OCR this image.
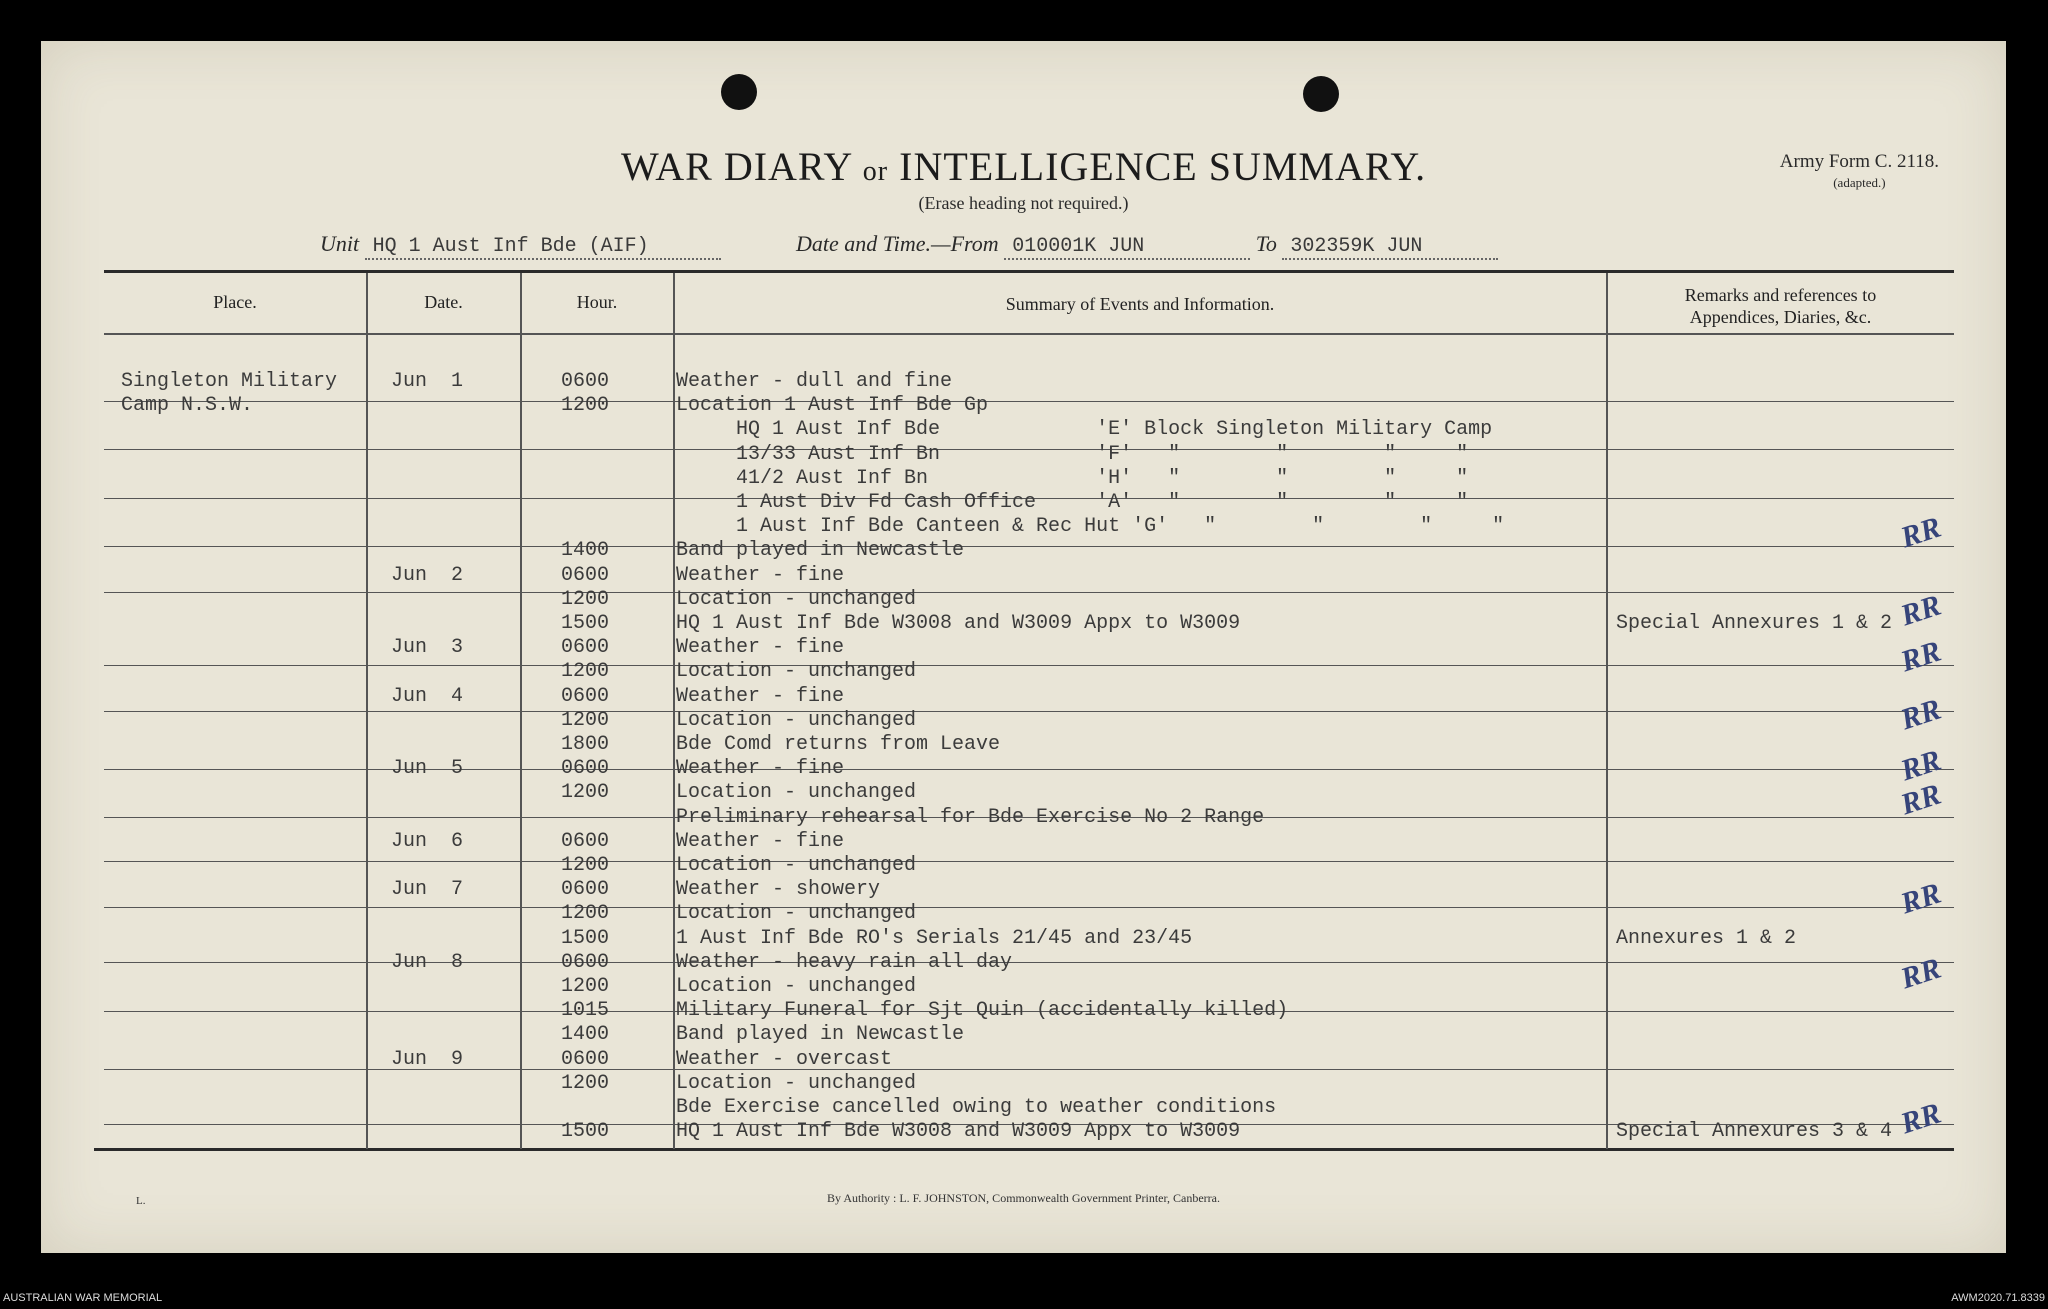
WAR DIARY or INTELLIGENCE SUMMARY.
(Erase heading not required.)
Army Form C. 2118.
(adapted.)
Unit HQ 1 Aust Inf Bde (AIF)	Date and Time.—From 010001K JUN	To 302359K JUN
Place.	Date.	Hour.	Summary of Events and Information.	Remarks and references to
Appendices, Diaries, &c.
Singleton Military	Jun  1	0600	Weather - dull and fine
Camp N.S.W.	1200	Location 1 Aust Inf Bde Gp
HQ 1 Aust Inf Bde             'E' Block Singleton Military Camp
13/33 Aust Inf Bn             'F'   "        "        "     "
41/2 Aust Inf Bn              'H'   "        "        "     "
1 Aust Div Fd Cash Office     'A'   "        "        "     "
1 Aust Inf Bde Canteen & Rec Hut 'G'   "        "        "     "
1400	Band played in Newcastle
Jun  2	0600	Weather - fine
1200	Location - unchanged
1500	HQ 1 Aust Inf Bde W3008 and W3009 Appx to W3009	Special Annexures 1 & 2
Jun  3	0600	Weather - fine
1200	Location - unchanged
Jun  4	0600	Weather - fine
1200	Location - unchanged
1800	Bde Comd returns from Leave
Jun  5	0600	Weather - fine
1200	Location - unchanged
Preliminary rehearsal for Bde Exercise No 2 Range
Jun  6	0600	Weather - fine
1200	Location - unchanged
Jun  7	0600	Weather - showery
1200	Location - unchanged
1500	1 Aust Inf Bde RO's Serials 21/45 and 23/45	Annexures 1 & 2
Jun  8	0600	Weather - heavy rain all day
1200	Location - unchanged
1015	Military Funeral for Sjt Quin (accidentally killed)
1400	Band played in Newcastle
Jun  9	0600	Weather - overcast
1200	Location - unchanged
Bde Exercise cancelled owing to weather conditions
1500	HQ 1 Aust Inf Bde W3008 and W3009 Appx to W3009	Special Annexures 3 & 4
RR
RR
RR
RR
RR
RR
RR
RR
RR
L.	By Authority : L. F. JOHNSTON, Commonwealth Government Printer, Canberra.
AUSTRALIAN WAR MEMORIAL	AWM2020.71.8339
